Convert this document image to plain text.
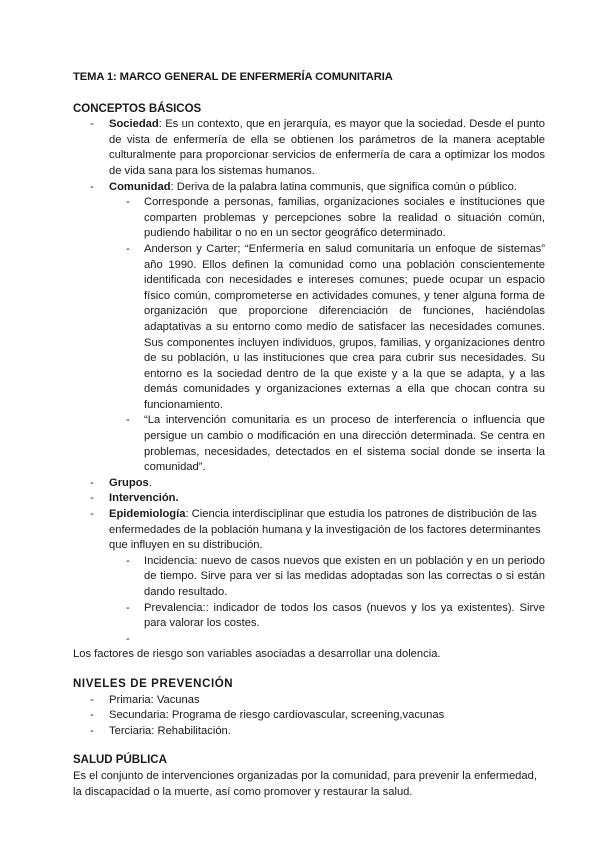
TEMA 1: MARCO GENERAL DE ENFERMERÍA COMUNITARIA
CONCEPTOS BÁSICOS
- Sociedad: Es un contexto, que en jerarquía, es mayor que la sociedad. Desde el punto de vista de enfermería de ella se obtienen los parámetros de la manera aceptable culturalmente para proporcionar servicios de enfermería de cara a optimizar los modos de vida sana para los sistemas humanos.
- Comunidad: Deriva de la palabra latina communis, que significa común o público.
- Corresponde a personas, familias, organizaciones sociales e instituciones que comparten problemas y percepciones sobre la realidad o situación común, pudiendo habilitar o no en un sector geográfico determinado.
- Anderson y Carter; “Enfermería en salud comunitaria un enfoque de sistemas” año 1990. Ellos definen la comunidad como una población conscientemente identificada con necesidades e intereses comunes; puede ocupar un espacio físico común, comprometerse en actividades comunes, y tener alguna forma de organización que proporcione diferenciación de funciones, haciéndolas adaptativas a su entorno como medio de satisfacer las necesidades comunes. Sus componentes incluyen individuos, grupos, familias, y organizaciones dentro de su población, u las instituciones que crea para cubrir sus necesidades. Su entorno es la sociedad dentro de la que existe y a la que se adapta, y a las demás comunidades y organizaciones externas a ella que chocan contra su funcionamiento.
- “La intervención comunitaria es un proceso de interferencia o influencia que persigue un cambio o modificación en una dirección determinada. Se centra en problemas, necesidades, detectados en el sistema social donde se inserta la comunidad”.
- Grupos.
- Intervención.
- Epidemiología: Ciencia interdisciplinar que estudia los patrones de distribución de las enfermedades de la población humana y la investigación de los factores determinantes que influyen en su distribución.
- Incidencia: nuevo de casos nuevos que existen en un población y en un periodo de tiempo. Sirve para ver si las medidas adoptadas son las correctas o si están dando resultado.
- Prevalencia:: indicador de todos los casos (nuevos y los ya existentes). Sirve para valorar los costes.
-

Los factores de riesgo son variables asociadas a desarrollar una dolencia.

NIVELES DE PREVENCIÓN
- Primaria: Vacunas
- Secundaria: Programa de riesgo cardiovascular, screening,vacunas
- Terciaria: Rehabilitación.
SALUD PÚBLICA

Es el conjunto de intervenciones organizadas por la comunidad, para prevenir la enfermedad, la discapacidad o la muerte, así como promover y restaurar la salud.
